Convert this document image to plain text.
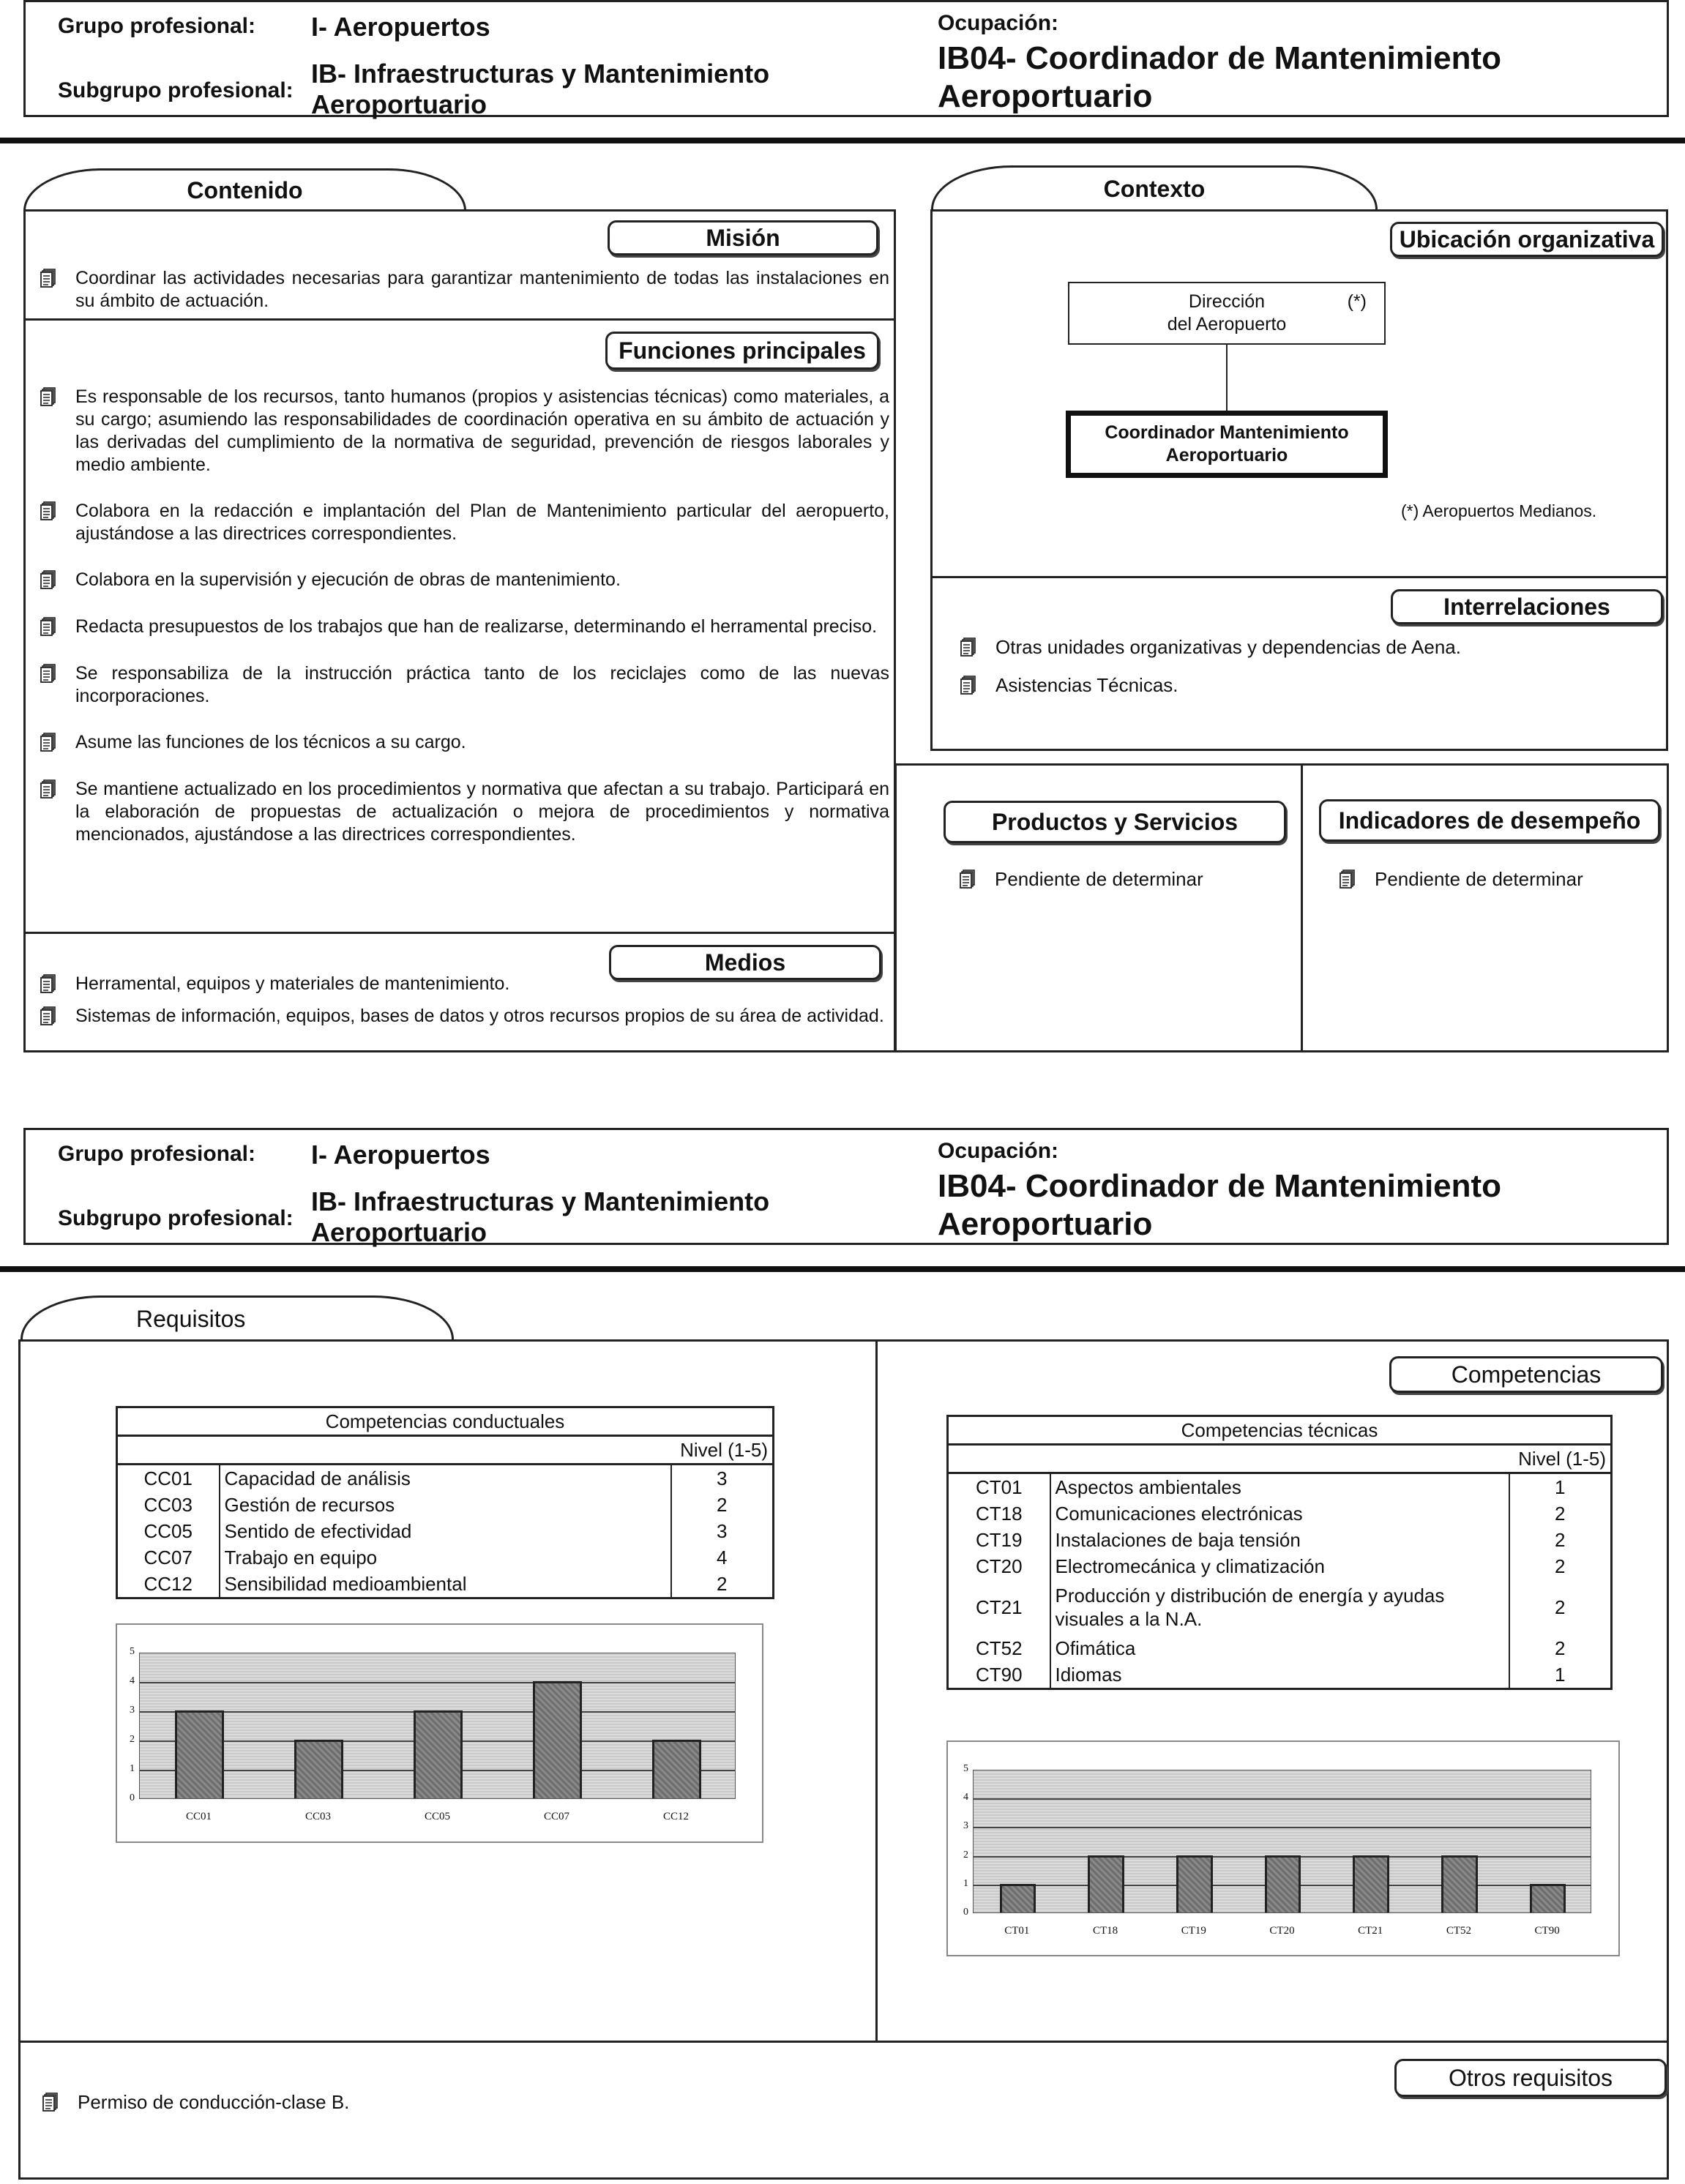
Grupo profesional: I- Aeropuertos
Subgrupo profesional:
IB- Infraestructuras y Mantenimiento
Aeroportuario
Ocupación:
IB04- Coordinador de Mantenimiento
Aeroportuario
Contenido
Misión
Coordinar las actividades necesarias para garantizar mantenimiento de todas las instalaciones en su ámbito de actuación.
Funciones principales
Es responsable de los recursos, tanto humanos (propios y asistencias técnicas) como materiales, a su cargo; asumiendo las responsabilidades de coordinación operativa en su ámbito de actuación y las derivadas del cumplimiento de la normativa de seguridad, prevención de riesgos laborales y medio ambiente.
Colabora en la redacción e implantación del Plan de Mantenimiento particular del aeropuerto, ajustándose a las directrices correspondientes.
Colabora en la supervisión y ejecución de obras de mantenimiento.
Redacta presupuestos de los trabajos que han de realizarse, determinando el herramental preciso.
Se responsabiliza de la instrucción práctica tanto de los reciclajes como de las nuevas incorporaciones.
Asume las funciones de los técnicos a su cargo.
Se mantiene actualizado en los procedimientos y normativa que afectan a su trabajo. Participará en la elaboración de propuestas de actualización o mejora de procedimientos y normativa mencionados, ajustándose a las directrices correspondientes.
Medios
Herramental, equipos y materiales de mantenimiento.
Sistemas de información, equipos, bases de datos y otros recursos propios de su área de actividad.
Contexto
Ubicación organizativa
Dirección
del Aeropuerto
(*)
Coordinador Mantenimiento
Aeroportuario
(*) Aeropuertos Medianos.
Interrelaciones
Otras unidades organizativas y dependencias de Aena.
Asistencias Técnicas.
Productos y Servicios
Pendiente de determinar
Indicadores de desempeño
Pendiente de determinar
Grupo profesional: I- Aeropuertos
Subgrupo profesional:
IB- Infraestructuras y Mantenimiento
Aeroportuario
Ocupación:
IB04- Coordinador de Mantenimiento
Aeroportuario
Requisitos
Competencias conductuales		
Nivel (1-5)		
CC01	Capacidad de análisis	3
CC03	Gestión de recursos	2
CC05	Sentido de efectividad	3
CC07	Trabajo en equipo	4
CC12	Sensibilidad medioambiental	2
0
1
2
3
4
5
CC01	CC03	CC05	CC07	CC12
Competencias
Competencias técnicas		
Nivel (1-5)		
CT01	Aspectos ambientales	1
CT18	Comunicaciones electrónicas	2
CT19	Instalaciones de baja tensión	2
CT20	Electromecánica y climatización	2
CT21	Producción y distribución de energía y ayudas visuales a la N.A.	2
CT52	Ofimática	2
CT90	Idiomas	1
0
1
2
3
4
5
CT01	CT18	CT19	CT20	CT21	CT52	CT90
Otros requisitos
Permiso de conducción-clase B.
